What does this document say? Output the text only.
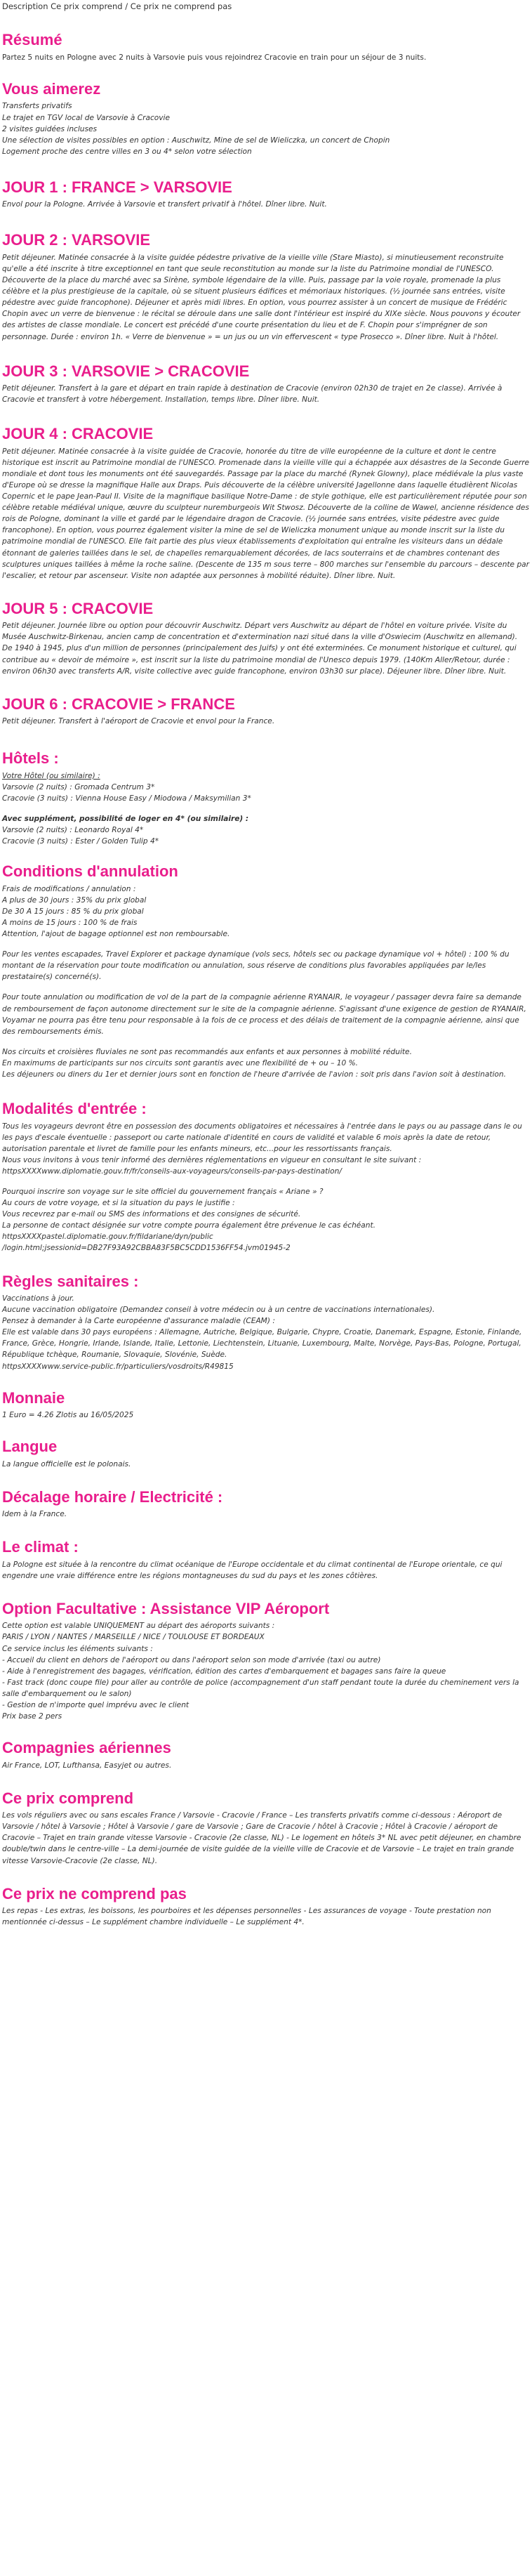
Description Ce prix comprend / Ce prix ne comprend pas
Résumé

Partez 5 nuits en Pologne avec 2 nuits à Varsovie puis vous rejoindrez Cracovie en train pour un séjour de 3 nuits.

Vous aimerez

Transferts privatifs

Le trajet en TGV local de Varsovie à Cracovie

2 visites guidées incluses

Une sélection de visites possibles en option : Auschwitz, Mine de sel de Wieliczka, un concert de Chopin

Logement proche des centre villes en 3 ou 4* selon votre sélection

JOUR 1 : FRANCE > VARSOVIE

Envol pour la Pologne. Arrivée à Varsovie et transfert privatif à l'hôtel. Dîner libre. Nuit.

JOUR 2 : VARSOVIE

Petit déjeuner. Matinée consacrée à la visite guidée pédestre privative de la vieille ville (Stare Miasto), si minutieusement reconstruite qu'elle a été inscrite à titre exceptionnel en tant que seule reconstitution au monde sur la liste du Patrimoine mondial de l'UNESCO. Découverte de la place du marché avec sa Sirène, symbole légendaire de la ville. Puis, passage par la voie royale, promenade la plus célèbre et la plus prestigieuse de la capitale, où se situent plusieurs édifices et mémoriaux historiques. (½ journée sans entrées, visite pédestre avec guide francophone). Déjeuner et après midi libres. En option, vous pourrez assister à un concert de musique de Frédéric Chopin avec un verre de bienvenue : le récital se déroule dans une salle dont l'intérieur est inspiré du XIXe siècle. Nous pouvons y écouter des artistes de classe mondiale. Le concert est précédé d'une courte présentation du lieu et de F. Chopin pour s'imprégner de son personnage. Durée : environ 1h. « Verre de bienvenue » = un jus ou un vin effervescent « type Prosecco ». Dîner libre. Nuit à l'hôtel.

JOUR 3 : VARSOVIE > CRACOVIE

Petit déjeuner. Transfert à la gare et départ en train rapide à destination de Cracovie (environ 02h30 de trajet en 2e classe). Arrivée à Cracovie et transfert à votre hébergement. Installation, temps libre. Dîner libre. Nuit.

JOUR 4 : CRACOVIE

Petit déjeuner. Matinée consacrée à la visite guidée de Cracovie, honorée du titre de ville européenne de la culture et dont le centre historique est inscrit au Patrimoine mondial de l'UNESCO. Promenade dans la vieille ville qui a échappée aux désastres de la Seconde Guerre mondiale et dont tous les monuments ont été sauvegardés. Passage par la place du marché (Rynek Glowny), place médiévale la plus vaste d'Europe où se dresse la magnifique Halle aux Draps. Puis découverte de la célèbre université Jagellonne dans laquelle étudièrent Nicolas Copernic et le pape Jean-Paul II. Visite de la magnifique basilique Notre-Dame : de style gothique, elle est particulièrement réputée pour son célèbre retable médiéval unique, œuvre du sculpteur nuremburgeois Wit Stwosz. Découverte de la colline de Wawel, ancienne résidence des rois de Pologne, dominant la ville et gardé par le légendaire dragon de Cracovie. (½ journée sans entrées, visite pédestre avec guide francophone). En option, vous pourrez également visiter la mine de sel de Wieliczka monument unique au monde inscrit sur la liste du patrimoine mondial de l'UNESCO. Elle fait partie des plus vieux établissements d'exploitation qui entraîne les visiteurs dans un dédale étonnant de galeries taillées dans le sel, de chapelles remarquablement décorées, de lacs souterrains et de chambres contenant des sculptures uniques taillées à même la roche saline. (Descente de 135 m sous terre – 800 marches sur l'ensemble du parcours – descente par l'escalier, et retour par ascenseur. Visite non adaptée aux personnes à mobilité réduite). Dîner libre. Nuit.

JOUR 5 : CRACOVIE

Petit déjeuner. Journée libre ou option pour découvrir Auschwitz. Départ vers Auschwitz au départ de l'hôtel en voiture privée. Visite du Musée Auschwitz-Birkenau, ancien camp de concentration et d'extermination nazi situé dans la ville d'Oswiecim (Auschwitz en allemand). De 1940 à 1945, plus d'un million de personnes (principalement des Juifs) y ont été exterminées. Ce monument historique et culturel, qui contribue au « devoir de mémoire », est inscrit sur la liste du patrimoine mondial de l'Unesco depuis 1979. (140Km Aller/Retour, durée : environ 06h30 avec transferts A/R, visite collective avec guide francophone, environ 03h30 sur place). Déjeuner libre. Dîner libre. Nuit.

JOUR 6 : CRACOVIE > FRANCE

Petit déjeuner. Transfert à l'aéroport de Cracovie et envol pour la France.

Hôtels :

Votre Hôtel (ou similaire) :

Varsovie (2 nuits) : Gromada Centrum 3*

Cracovie (3 nuits) : Vienna House Easy / Miodowa / Maksymilian 3*

Avec supplément, possibilité de loger en 4* (ou similaire) :

Varsovie (2 nuits) : Leonardo Royal 4*

Cracovie (3 nuits) : Ester / Golden Tulip 4*

Conditions d'annulation

Frais de modifications / annulation :

A plus de 30 jours : 35% du prix global

De 30 A 15 jours : 85 % du prix global

A moins de 15 jours : 100 % de frais

Attention, l'ajout de bagage optionnel est non remboursable.

Pour les ventes escapades, Travel Explorer et package dynamique (vols secs, hôtels sec ou package dynamique vol + hôtel) : 100 % du montant de la réservation pour toute modification ou annulation, sous réserve de conditions plus favorables appliquées par le/les prestataire(s) concerné(s).

Pour toute annulation ou modification de vol de la part de la compagnie aérienne RYANAIR, le voyageur / passager devra faire sa demande de remboursement de façon autonome directement sur le site de la compagnie aérienne. S'agissant d'une exigence de gestion de RYANAIR, Voyamar ne pourra pas être tenu pour responsable à la fois de ce process et des délais de traitement de la compagnie aérienne, ainsi que des remboursements émis.

Nos circuits et croisières fluviales ne sont pas recommandés aux enfants et aux personnes à mobilité réduite.
En maximums de participants sur nos circuits sont garantis avec une flexibilité de + ou – 10 %.
Les déjeuners ou diners du 1er et dernier jours sont en fonction de l'heure d'arrivée de l'avion : soit pris dans l'avion soit à destination.

Modalités d'entrée :

Tous les voyageurs devront être en possession des documents obligatoires et nécessaires à l'entrée dans le pays ou au passage dans le ou les pays d'escale éventuelle : passeport ou carte nationale d'identité en cours de validité et valable 6 mois après la date de retour, autorisation parentale et livret de famille pour les enfants mineurs, etc...pour les ressortissants français.
Nous vous invitons à vous tenir informé des dernières réglementations en vigueur en consultant le site suivant :
httpsXXXXwww.diplomatie.gouv.fr/fr/conseils-aux-voyageurs/conseils-par-pays-destination/

Pourquoi inscrire son voyage sur le site officiel du gouvernement français « Ariane » ?
Au cours de votre voyage, et si la situation du pays le justifie :
Vous recevrez par e-mail ou SMS des informations et des consignes de sécurité.
La personne de contact désignée sur votre compte pourra également être prévenue le cas échéant.
httpsXXXXpastel.diplomatie.gouv.fr/fildariane/dyn/public
/login.html;jsessionid=DB27F93A92CBBA83F5BC5CDD1536FF54.jvm01945-2

Règles sanitaires :

Vaccinations à jour.
Aucune vaccination obligatoire (Demandez conseil à votre médecin ou à un centre de vaccinations internationales).
Pensez à demander à la Carte européenne d'assurance maladie (CEAM) :
Elle est valable dans 30 pays européens : Allemagne, Autriche, Belgique, Bulgarie, Chypre, Croatie, Danemark, Espagne, Estonie, Finlande, France, Grèce, Hongrie, Irlande, Islande, Italie, Lettonie, Liechtenstein, Lituanie, Luxembourg, Malte, Norvège, Pays-Bas, Pologne, Portugal, République tchèque, Roumanie, Slovaquie, Slovénie, Suède.
httpsXXXXwww.service-public.fr/particuliers/vosdroits/R49815

Monnaie

1 Euro = 4.26 Zlotis au 16/05/2025

Langue

La langue officielle est le polonais.

Décalage horaire / Electricité :

Idem à la France.

Le climat :

La Pologne est située à la rencontre du climat océanique de l'Europe occidentale et du climat continental de l'Europe orientale, ce qui engendre une vraie différence entre les régions montagneuses du sud du pays et les zones côtières.

Option Facultative : Assistance VIP Aéroport

Cette option est valable UNIQUEMENT au départ des aéroports suivants :
PARIS / LYON / NANTES / MARSEILLE / NICE / TOULOUSE ET BORDEAUX
Ce service inclus les éléments suivants :
- Accueil du client en dehors de l'aéroport ou dans l'aéroport selon son mode d'arrivée (taxi ou autre)
- Aide à l'enregistrement des bagages, vérification, édition des cartes d'embarquement et bagages sans faire la queue
- Fast track (donc coupe file) pour aller au contrôle de police (accompagnement d'un staff pendant toute la durée du cheminement vers la salle d'embarquement ou le salon)
- Gestion de n'importe quel imprévu avec le client
Prix base 2 pers

Compagnies aériennes

Air France, LOT, Lufthansa, Easyjet ou autres.

Ce prix comprend

Les vols réguliers avec ou sans escales France / Varsovie - Cracovie / France – Les transferts privatifs comme ci-dessous : Aéroport de Varsovie / hôtel à Varsovie ; Hôtel à Varsovie / gare de Varsovie ; Gare de Cracovie / hôtel à Cracovie ; Hôtel à Cracovie / aéroport de Cracovie – Trajet en train grande vitesse Varsovie - Cracovie (2e classe, NL) - Le logement en hôtels 3* NL avec petit déjeuner, en chambre double/twin dans le centre-ville – La demi-journée de visite guidée de la vieille ville de Cracovie et de Varsovie – Le trajet en train grande vitesse Varsovie-Cracovie (2e classe, NL).

Ce prix ne comprend pas

Les repas - Les extras, les boissons, les pourboires et les dépenses personnelles - Les assurances de voyage - Toute prestation non mentionnée ci-dessus – Le supplément chambre individuelle – Le supplément 4*.
